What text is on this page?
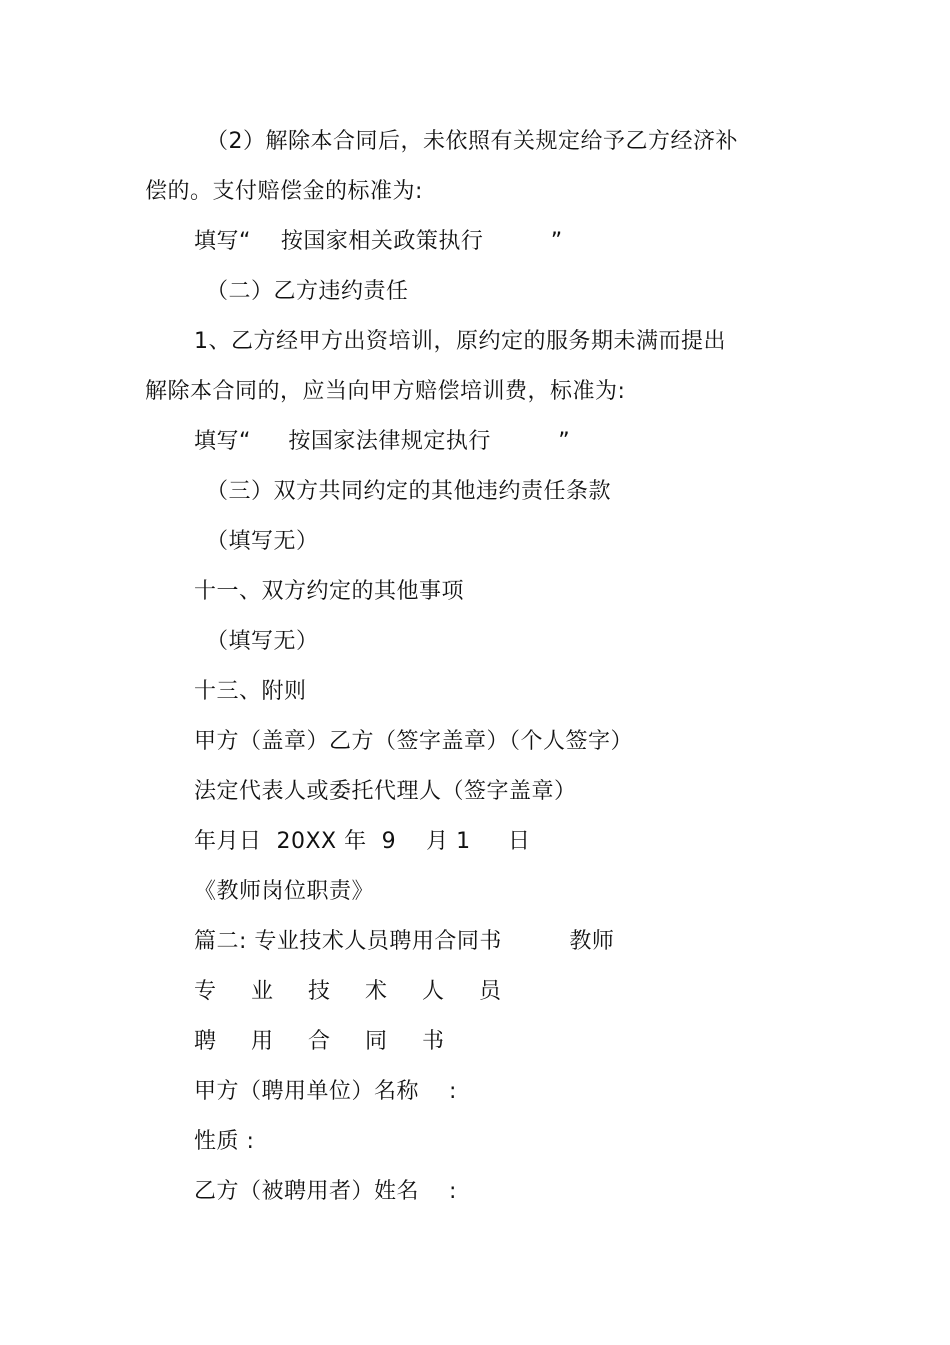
（2）解除本合同后，未依照有关规定给予乙方经济补
偿的。支付赔偿金的标准为:
填写“    按国家相关政策执行         ”
（二）乙方违约责任
1、乙方经甲方出资培训，原约定的服务期未满而提出
解除本合同的，应当向甲方赔偿培训费，标准为:
填写“     按国家法律规定执行         ”
（三）双方共同约定的其他违约责任条款
（填写无）
十一、双方约定的其他事项
（填写无）
十三、附则
甲方（盖章）乙方（签字盖章）（个人签字）
法定代表人或委托代理人（签字盖章）
年月日  20XX 年  9    月 1     日
《教师岗位职责》
篇二: 专业技术人员聘用合同书         教师
专 业 技 术 人 员
聘 用 合 同 书
甲方（聘用单位）名称    :
性质 :
乙方（被聘用者）姓名    :
